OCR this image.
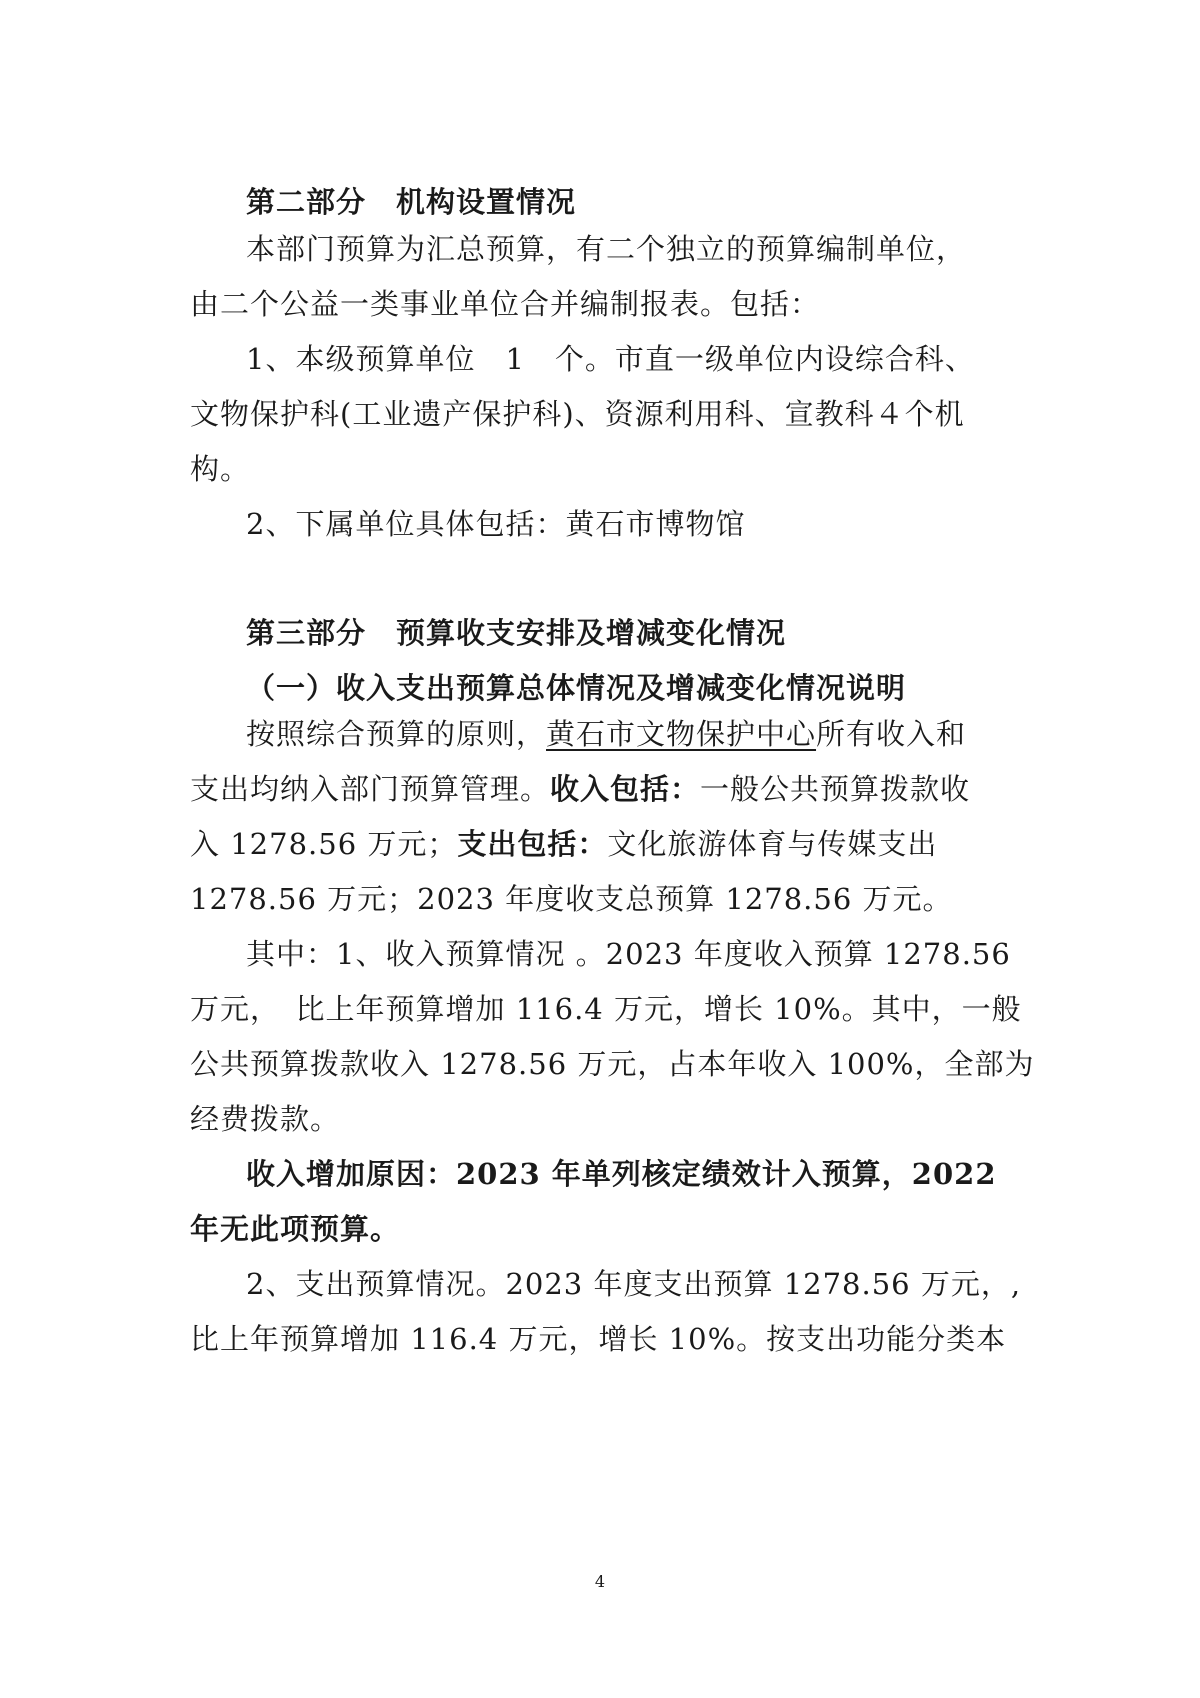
第二部分　机构设置情况
本部门预算为汇总预算，有二个独立的预算编制单位，
由二个公益一类事业单位合并编制报表。包括：
1、本级预算单位　1　个。市直一级单位内设综合科、
文物保护科(工业遗产保护科)、资源利用科、宣教科４个机
构。
2、下属单位具体包括：黄石市博物馆
第三部分　预算收支安排及增减变化情况
（一）收入支出预算总体情况及增减变化情况说明
按照综合预算的原则，黄石市文物保护中心所有收入和
支出均纳入部门预算管理。收入包括：一般公共预算拨款收
入 1278.56 万元；支出包括：文化旅游体育与传媒支出
1278.56 万元；2023 年度收支总预算 1278.56 万元。
其中：1、收入预算情况 。2023 年度收入预算 1278.56
万元，　比上年预算增加 116.4 万元，增长 10%。其中，一般
公共预算拨款收入 1278.56 万元，占本年收入 100%，全部为
经费拨款。
收入增加原因：2023 年单列核定绩效计入预算，2022
年无此项预算。
2、支出预算情况。2023 年度支出预算 1278.56 万元，,
比上年预算增加 116.4 万元，增长 10%。按支出功能分类本
4
